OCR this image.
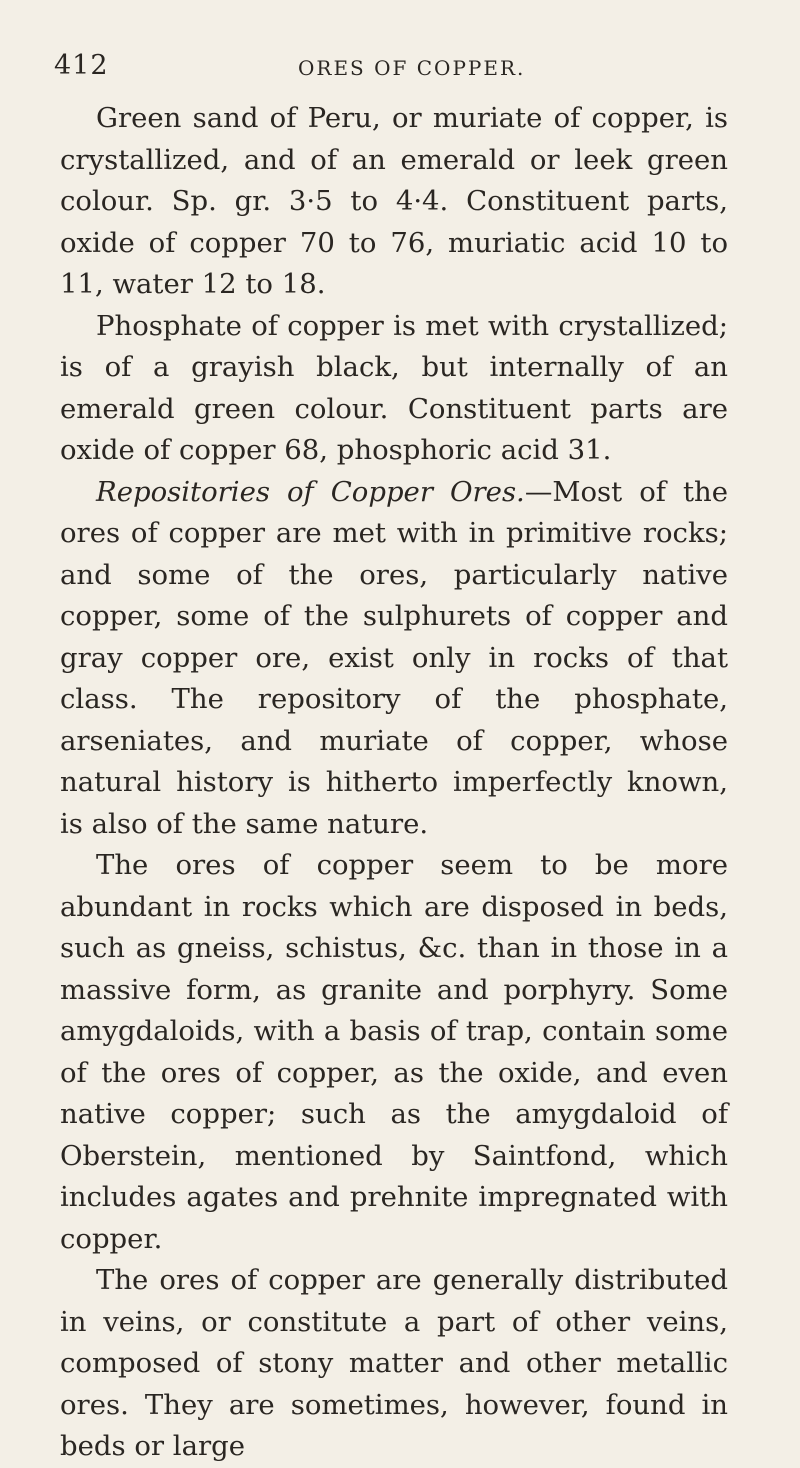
412	ORES OF COPPER.

Green sand of Peru, or muriate of copper, is crystallized, and of an emerald or leek green colour. Sp. gr. 3·5 to 4·4. Constituent parts, oxide of copper 70 to 76, muriatic acid 10 to 11, water 12 to 18.

Phosphate of copper is met with crystallized; is of a grayish black, but internally of an emerald green colour. Constituent parts are oxide of copper 68, phosphoric acid 31.

Repositories of Copper Ores.—Most of the ores of copper are met with in primitive rocks; and some of the ores, particularly native copper, some of the sulphurets of copper and gray copper ore, exist only in rocks of that class. The repository of the phosphate, arseniates, and muriate of copper, whose natural history is hitherto imperfectly known, is also of the same nature.

The ores of copper seem to be more abundant in rocks which are disposed in beds, such as gneiss, schistus, &c. than in those in a massive form, as granite and porphyry. Some amygdaloids, with a basis of trap, contain some of the ores of copper, as the oxide, and even native copper; such as the amygdaloid of Oberstein, mentioned by Saintfond, which includes agates and prehnite impregnated with copper.

The ores of copper are generally distributed in veins, or constitute a part of other veins, composed of stony matter and other metallic ores. They are sometimes, however, found in beds or large
